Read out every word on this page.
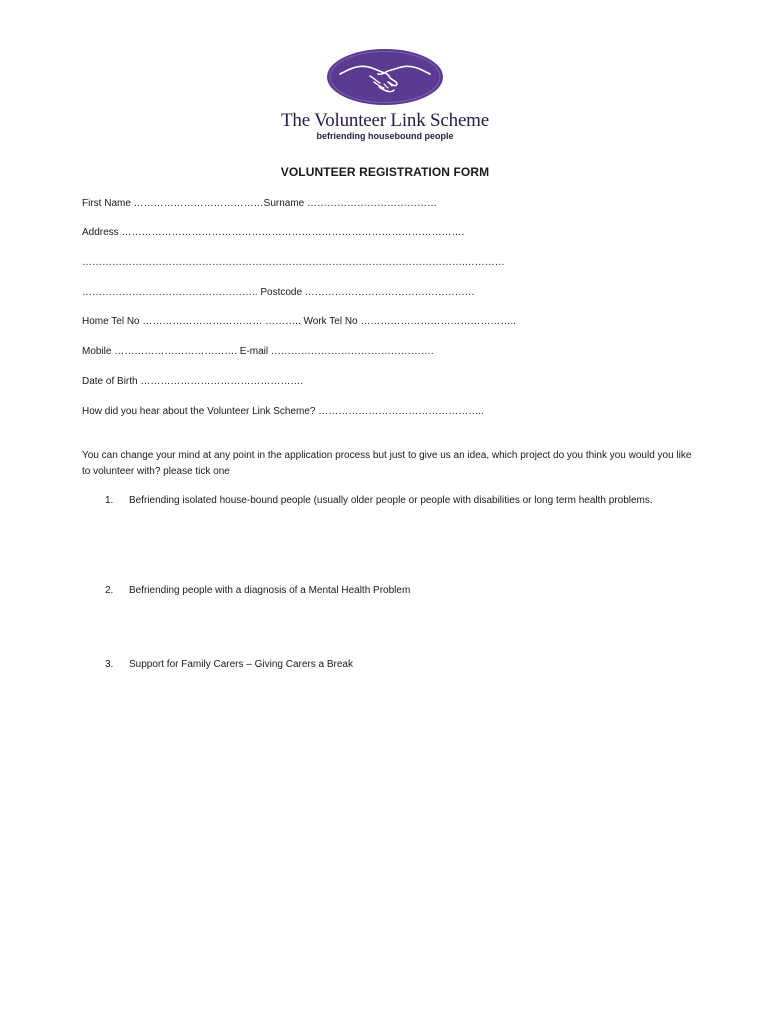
The Volunteer Link Scheme
befriending housebound people
VOLUNTEER REGISTRATION FORM
First Name …………………………………Surname …………………………………
Address ………………………………………………………………………………………….
…………………………………………………………………………………………………….…………
…………………………………………….. Postcode ……………………………………………
Home Tel No ……………………………… ……….. Work Tel No ………………………………………..
Mobile ………………………………. E-mail ………………………………………….
Date of Birth ………………………………………….
How did you hear about the Volunteer Link Scheme? …………………………………………..
You can change your mind at any point in the application process but just to give us an idea, which project do you think you would you like to volunteer with? please tick one
1. Befriending isolated house-bound people (usually older people or people with disabilities or long term health problems.
2. Befriending people with a diagnosis of a Mental Health Problem
3. Support for Family Carers – Giving Carers a Break
